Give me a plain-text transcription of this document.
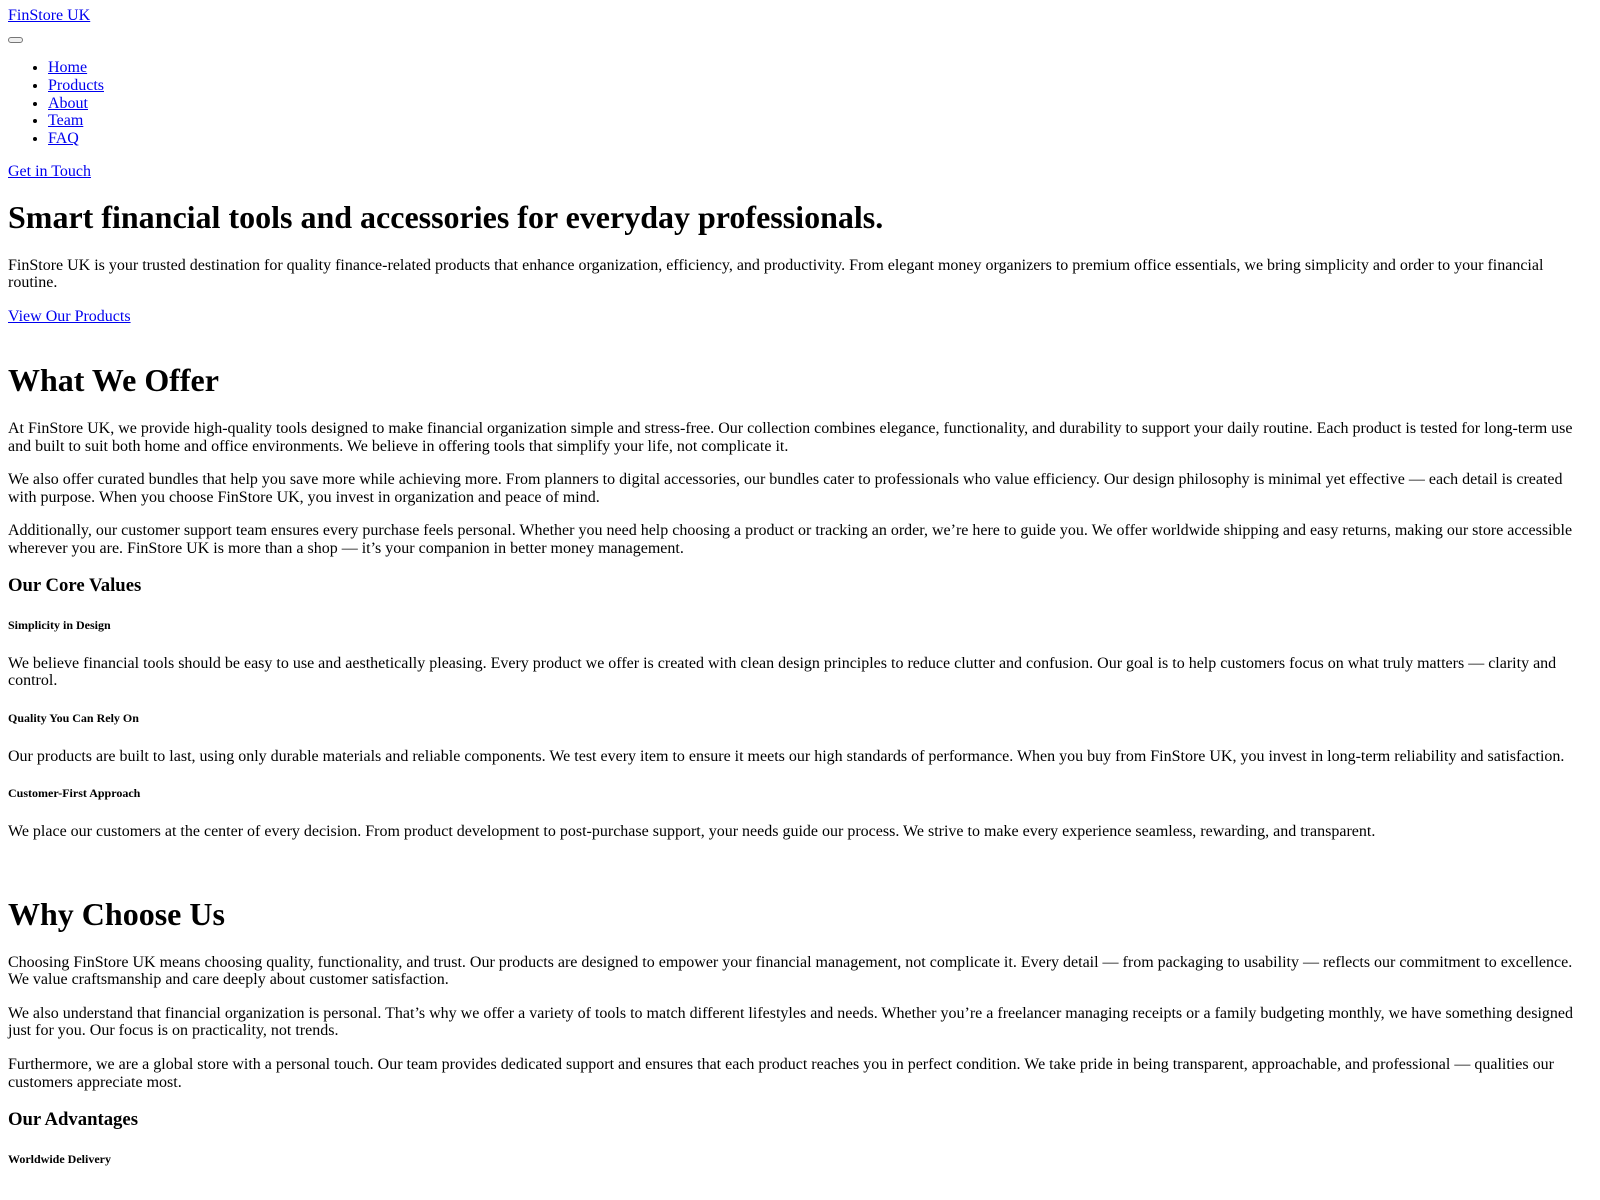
FinStore UK
• Home
• Products
• About
• Team
• FAQ
Get in Touch
Smart financial tools and accessories for everyday professionals.

FinStore UK is your trusted destination for quality finance-related products that enhance organization, efficiency, and productivity. From elegant money organizers to premium office essentials, we bring simplicity and order to your financial routine.

View Our Products
What We Offer

At FinStore UK, we provide high-quality tools designed to make financial organization simple and stress-free. Our collection combines elegance, functionality, and durability to support your daily routine. Each product is tested for long-term use and built to suit both home and office environments. We believe in offering tools that simplify your life, not complicate it.

We also offer curated bundles that help you save more while achieving more. From planners to digital accessories, our bundles cater to professionals who value efficiency. Our design philosophy is minimal yet effective — each detail is created with purpose. When you choose FinStore UK, you invest in organization and peace of mind.

Additionally, our customer support team ensures every purchase feels personal. Whether you need help choosing a product or tracking an order, we’re here to guide you. We offer worldwide shipping and easy returns, making our store accessible wherever you are. FinStore UK is more than a shop — it’s your companion in better money management.

Our Core Values
Simplicity in Design

We believe financial tools should be easy to use and aesthetically pleasing. Every product we offer is created with clean design principles to reduce clutter and confusion. Our goal is to help customers focus on what truly matters — clarity and control.

Quality You Can Rely On

Our products are built to last, using only durable materials and reliable components. We test every item to ensure it meets our high standards of performance. When you buy from FinStore UK, you invest in long-term reliability and satisfaction.

Customer-First Approach

We place our customers at the center of every decision. From product development to post-purchase support, your needs guide our process. We strive to make every experience seamless, rewarding, and transparent.

Why Choose Us

Choosing FinStore UK means choosing quality, functionality, and trust. Our products are designed to empower your financial management, not complicate it. Every detail — from packaging to usability — reflects our commitment to excellence. We value craftsmanship and care deeply about customer satisfaction.

We also understand that financial organization is personal. That’s why we offer a variety of tools to match different lifestyles and needs. Whether you’re a freelancer managing receipts or a family budgeting monthly, we have something designed just for you. Our focus is on practicality, not trends.

Furthermore, we are a global store with a personal touch. Our team provides dedicated support and ensures that each product reaches you in perfect condition. We take pride in being transparent, approachable, and professional — qualities our customers appreciate most.

Our Advantages
Worldwide Delivery
